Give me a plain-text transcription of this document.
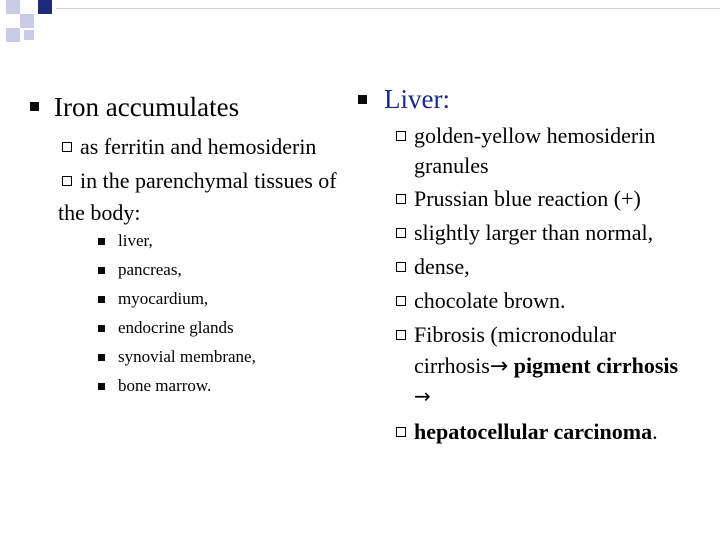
Iron accumulates
as ferritin and hemosiderin
in the parenchymal tissues of
the body:
liver,
pancreas,
myocardium,
endocrine glands
synovial membrane,
bone marrow.
Liver:
golden-yellow hemosiderin
granules
Prussian blue reaction (+)
slightly larger than normal,
dense,
chocolate brown.
Fibrosis (micronodular
cirrhosis→ pigment cirrhosis
→
hepatocellular carcinoma.
